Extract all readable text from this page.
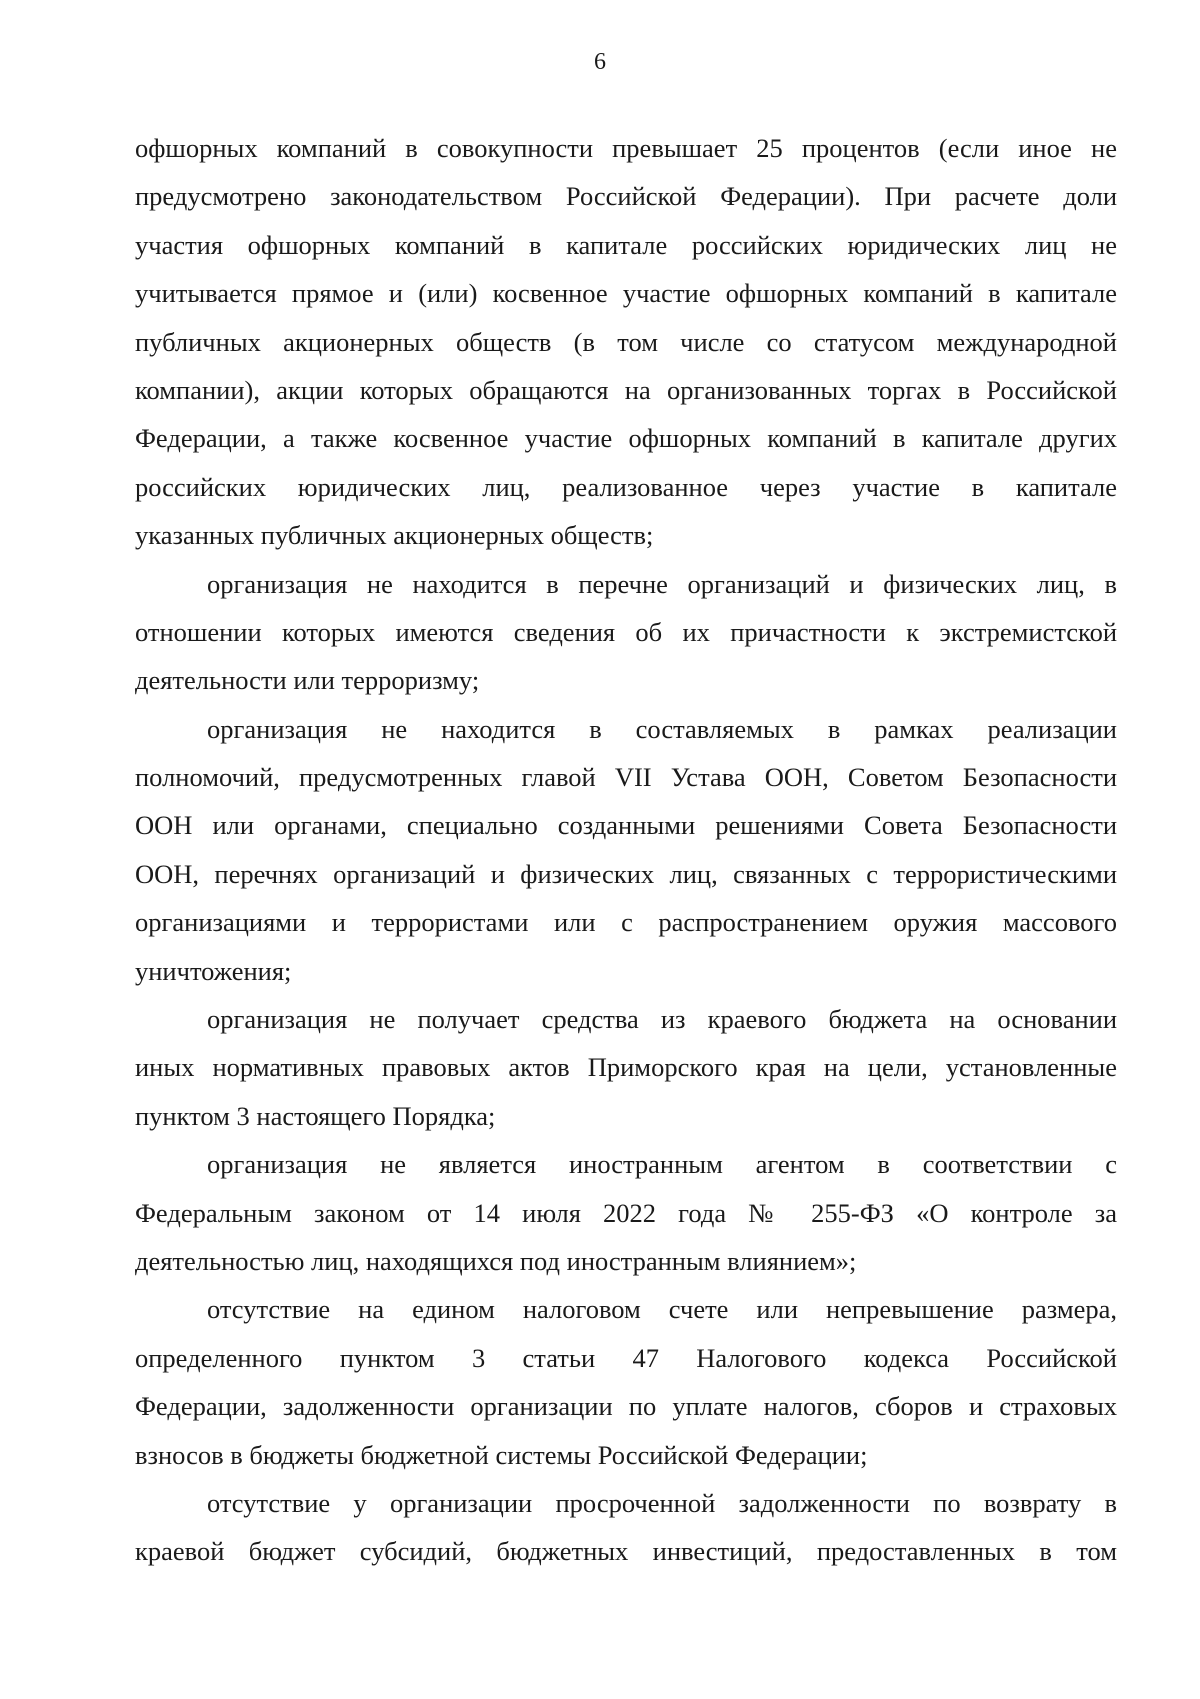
6
офшорных компаний в совокупности превышает 25 процентов (если иное не
предусмотрено законодательством Российской Федерации). При расчете доли
участия офшорных компаний в капитале российских юридических лиц не
учитывается прямое и (или) косвенное участие офшорных компаний в капитале
публичных акционерных обществ (в том числе со статусом международной
компании), акции которых обращаются на организованных торгах в Российской
Федерации, а также косвенное участие офшорных компаний в капитале других
российских юридических лиц, реализованное через участие в капитале
указанных публичных акционерных обществ;
организация не находится в перечне организаций и физических лиц, в
отношении которых имеются сведения об их причастности к экстремистской
деятельности или терроризму;
организация не находится в составляемых в рамках реализации
полномочий, предусмотренных главой VII Устава ООН, Советом Безопасности
ООН или органами, специально созданными решениями Совета Безопасности
ООН, перечнях организаций и физических лиц, связанных с террористическими
организациями и террористами или с распространением оружия массового
уничтожения;
организация не получает средства из краевого бюджета на основании
иных нормативных правовых актов Приморского края на цели, установленные
пунктом 3 настоящего Порядка;
организация не является иностранным агентом в соответствии с
Федеральным законом от 14 июля 2022 года № 255-ФЗ «О контроле за
деятельностью лиц, находящихся под иностранным влиянием»;
отсутствие на едином налоговом счете или непревышение размера,
определенного пунктом 3 статьи 47 Налогового кодекса Российской
Федерации, задолженности организации по уплате налогов, сборов и страховых
взносов в бюджеты бюджетной системы Российской Федерации;
отсутствие у организации просроченной задолженности по возврату в
краевой бюджет субсидий, бюджетных инвестиций, предоставленных в том
